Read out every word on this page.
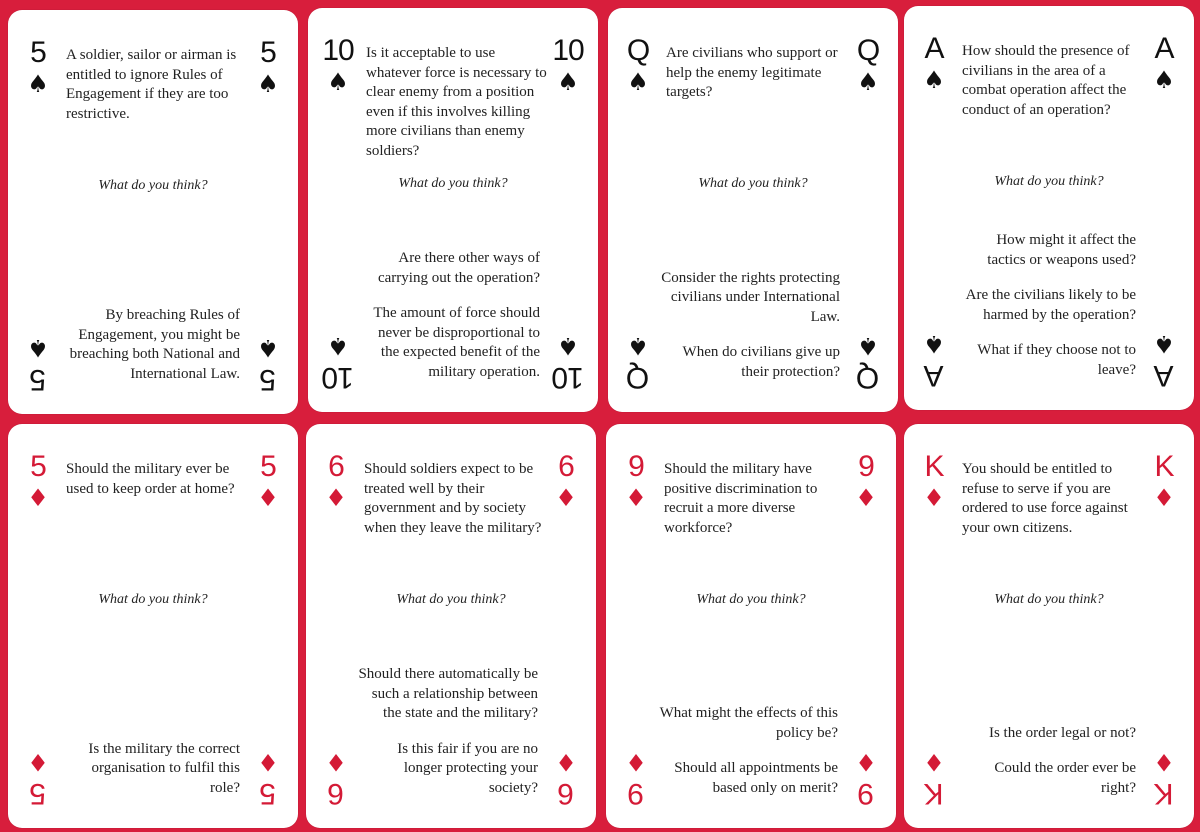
5
♠
5
♠
A soldier, sailor or airman is entitled to ignore Rules of Engagement if they are too restrictive.
What do you think?

By breaching Rules of Engagement, you might be breaching both National and International Law.

♠
5
♠
5
10
♠
10
♠
Is it acceptable to use whatever force is necessary to clear enemy from a position even if this involves killing more civilians than enemy soldiers?
What do you think?

Are there other ways of carrying out the operation?

The amount of force should never be disproportional to the expected benefit of the military operation.

♠
10
♠
10
Q
♠
Q
♠
Are civilians who support or help the enemy legitimate targets?
What do you think?

Consider the rights protecting civilians under International Law.

When do civilians give up their protection?

♠
Q
♠
Q
A
♠
A
♠
How should the presence of civilians in the area of a combat operation affect the conduct of an operation?
What do you think?

How might it affect the tactics or weapons used?

Are the civilians likely to be harmed by the operation?

What if they choose not to leave?

♠
A
♠
A
5
♦
5
♦
Should the military ever be used to keep order at home?
What do you think?

Is the military the correct organisation to fulfil this role?

♦
5
♦
5
6
♦
6
♦
Should soldiers expect to be treated well by their government and by society when they leave the military?
What do you think?

Should there automatically be such a relationship between the state and the military?

Is this fair if you are no longer protecting your society?

♦
6
♦
6
9
♦
9
♦
Should the military have positive discrimination to recruit a more diverse workforce?
What do you think?

What might the effects of this policy be?

Should all appointments be based only on merit?

♦
9
♦
9
K
♦
K
♦
You should be entitled to refuse to serve if you are ordered to use force against your own citizens.
What do you think?

Is the order legal or not?

Could the order ever be right?

♦
K
♦
K
